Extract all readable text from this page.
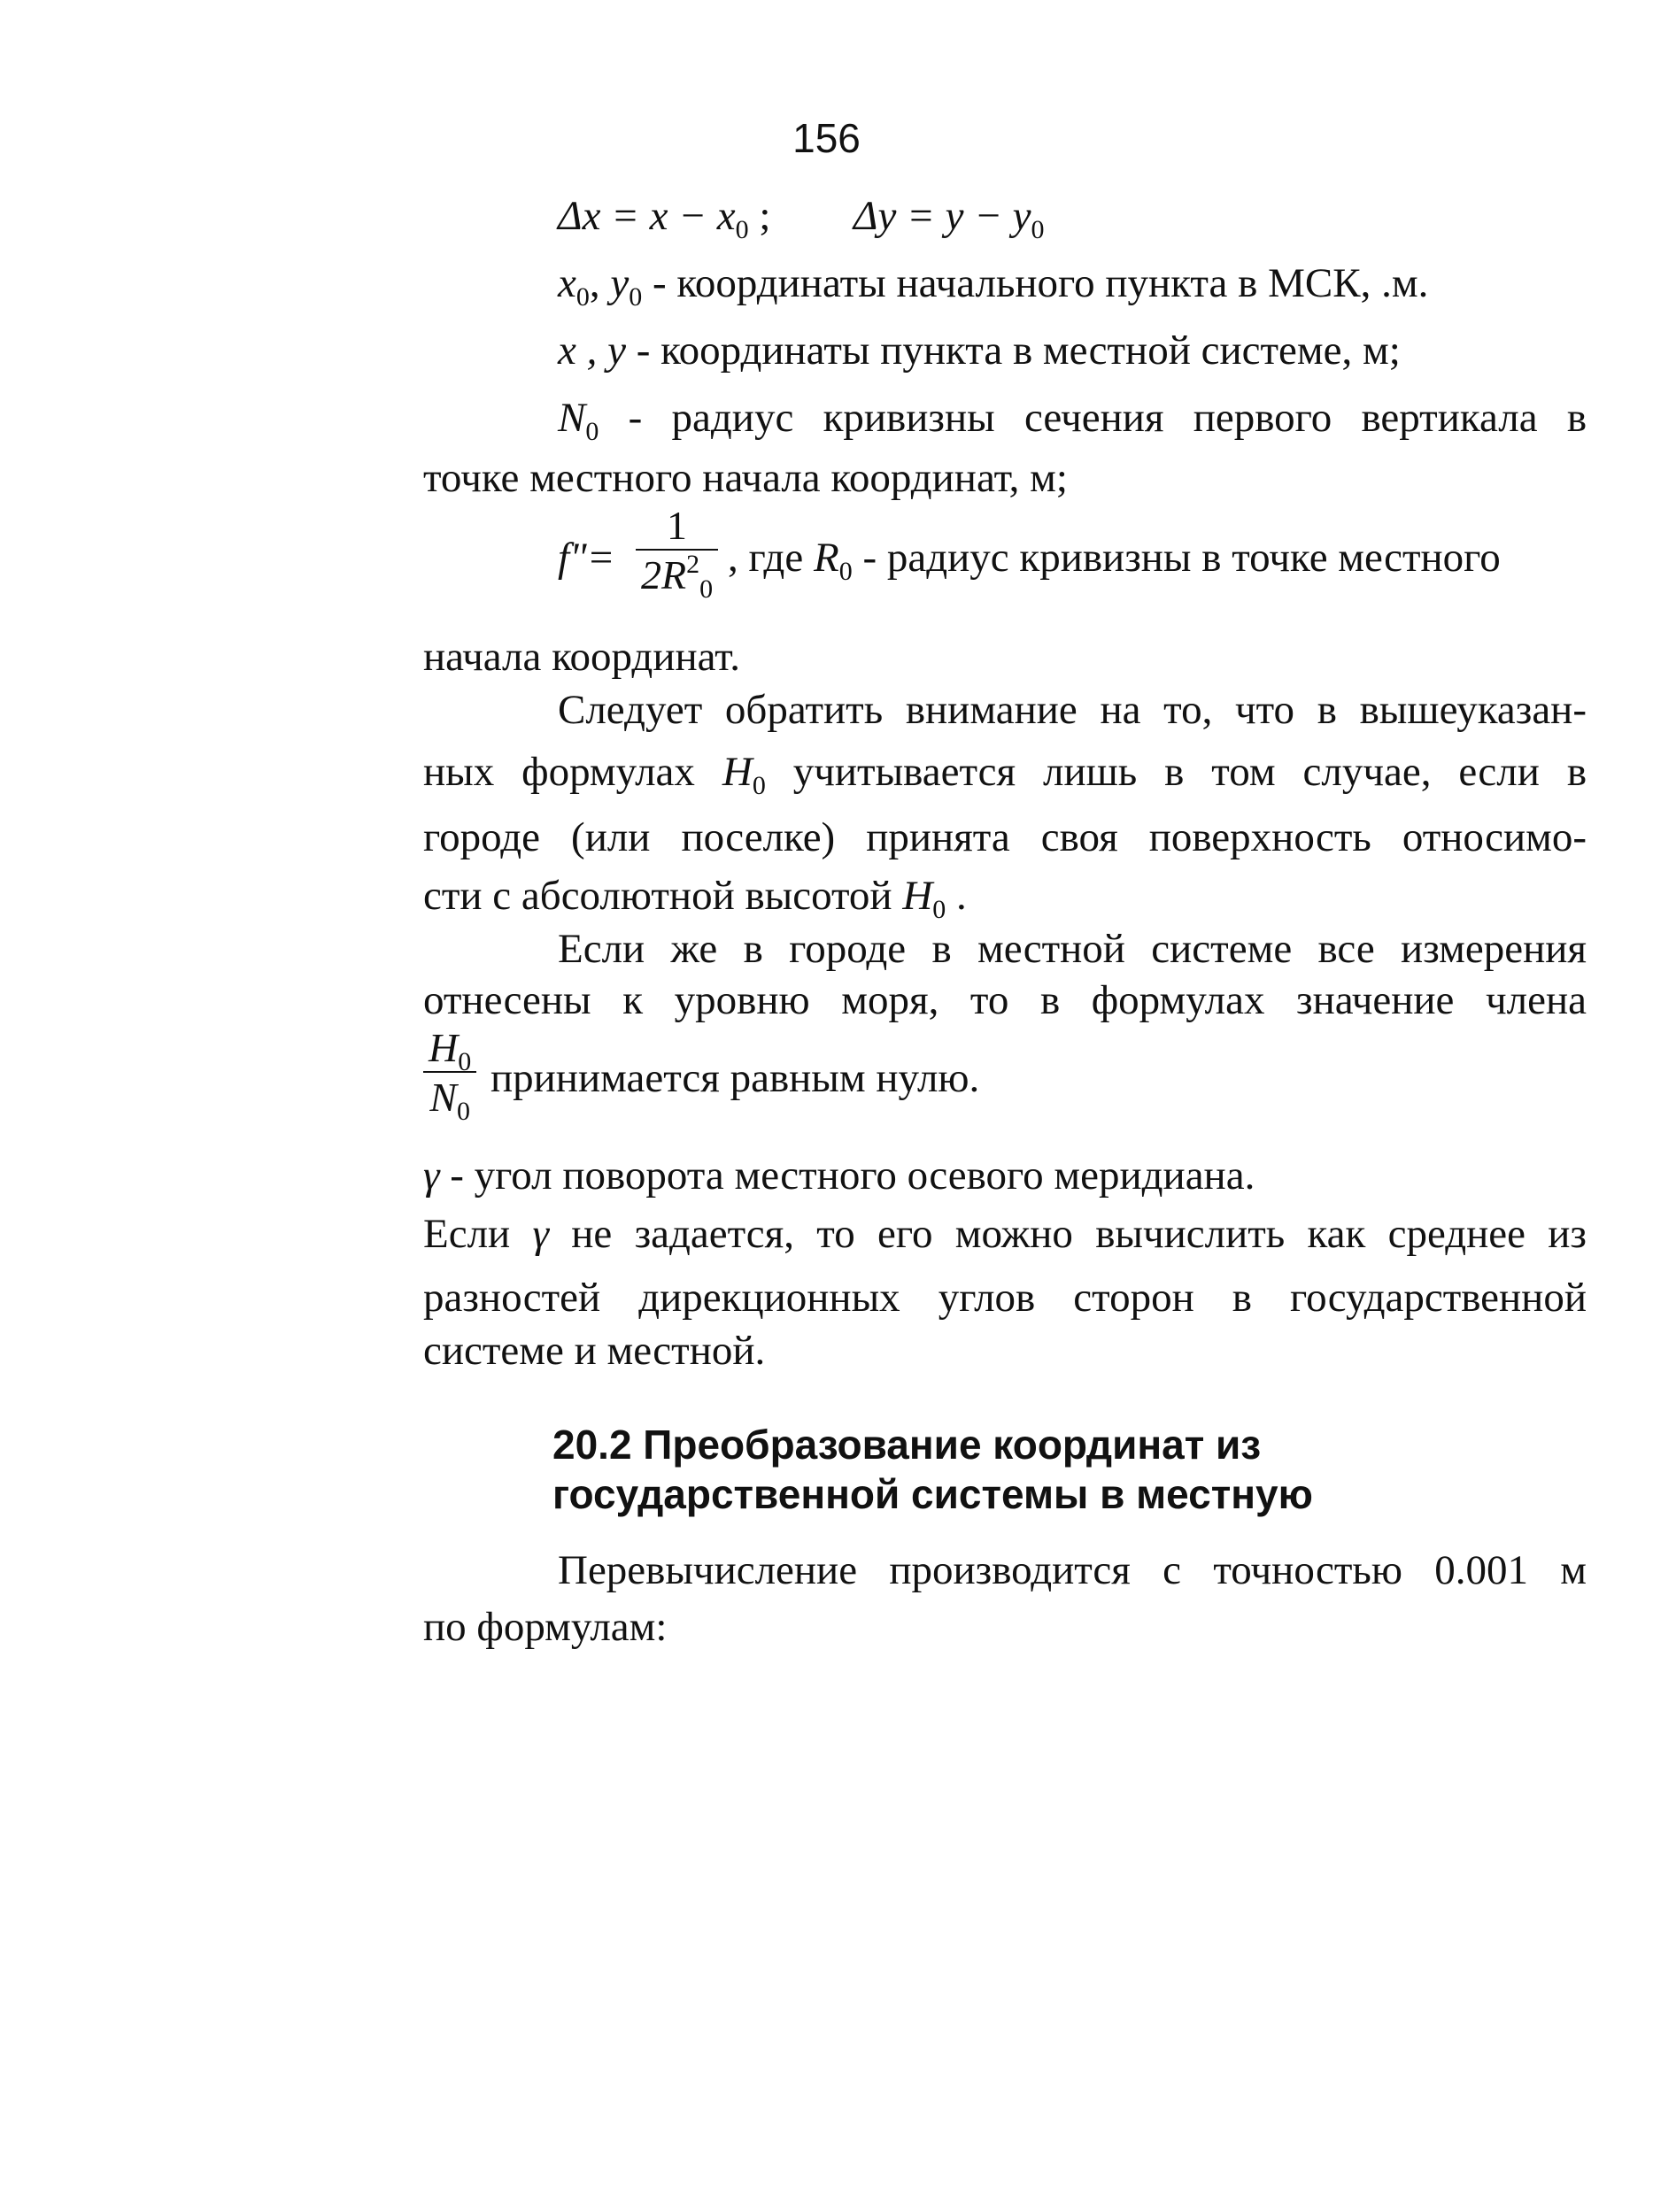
156
$\Delta x = x - x_0$ ; $\Delta y = y - y_0$
$x_0$, $y_0$ - координаты начального пункта в МСК, .м.
x , y - координаты пункта в местной системе, м;
$N_0$ - радиус кривизны сечения первого вертикала в
точке местного начала координат, м;
f"=
1
$2R^2_0$
, где $R_0$ - радиус кривизны в точке местного
начала координат.
Следует обратить внимание на то, что в вышеуказан-
ных формулах $H_0$ учитывается лишь в том случае, если в
городе (или поселке) принята своя поверхность относимо-
сти с абсолютной высотой $H_0$ .
Если же в городе в местной системе все измерения
отнесены к уровню моря, то в формулах значение члена
$H_0$
$N_0$
принимается равным нулю.
γ - угол поворота местного осевого меридиана.
Если γ не задается, то его можно вычислить как среднее из
разностей дирекционных углов сторон в государственной
системе и местной.
20.2 Преобразование координат из
государственной системы в местную
Перевычисление производится с точностью 0.001 м
по формулам:
